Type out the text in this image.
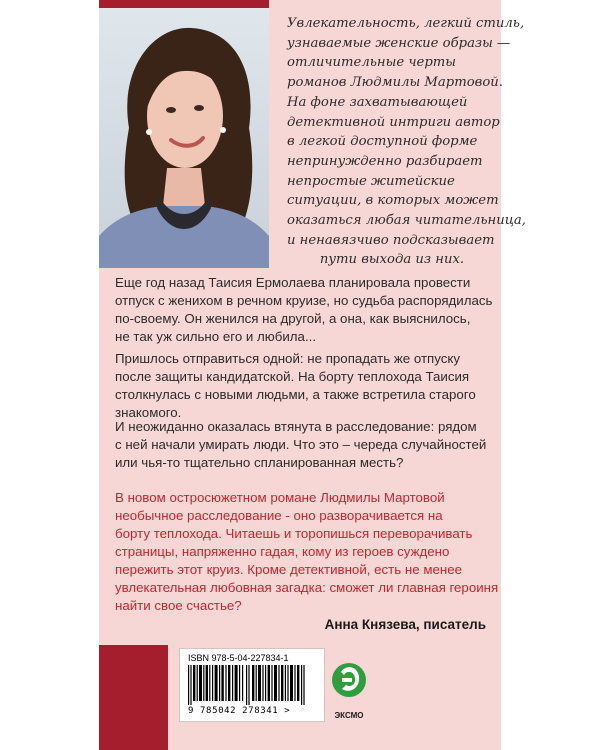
Увлекательность, легкий стиль,
узнаваемые женские образы —
отличительные черты
романов Людмилы Мартовой.
На фоне захватывающей
детективной интриги автор
в легкой доступной форме
непринужденно разбирает
непростые житейские
ситуации, в которых может
оказаться любая читательница,
и ненавязчиво подсказывает
пути выхода из них.
Еще год назад Таисия Ермолаева планировала провести
отпуск с женихом в речном круизе, но судьба распорядилась
по-своему. Он женился на другой, а она, как выяснилось,
не так уж сильно его и любила...
Пришлось отправиться одной: не пропадать же отпуску
после защиты кандидатской. На борту теплохода Таисия
столкнулась с новыми людьми, а также встретила старого
знакомого.
И неожиданно оказалась втянута в расследование: рядом
с ней начали умирать люди. Что это – череда случайностей
или чья-то тщательно спланированная месть?
В новом остросюжетном романе Людмилы Мартовой
необычное расследование - оно разворачивается на
борту теплохода. Читаешь и торопишься переворачивать
страницы, напряженно гадая, кому из героев суждено
пережить этот круиз. Кроме детективной, есть не менее
увлекательная любовная загадка: сможет ли главная героиня
найти свое счастье?
Анна Князева, писатель
ISBN 978-5-04-227834-1
9 785042 278341 >	ЭКСМО
